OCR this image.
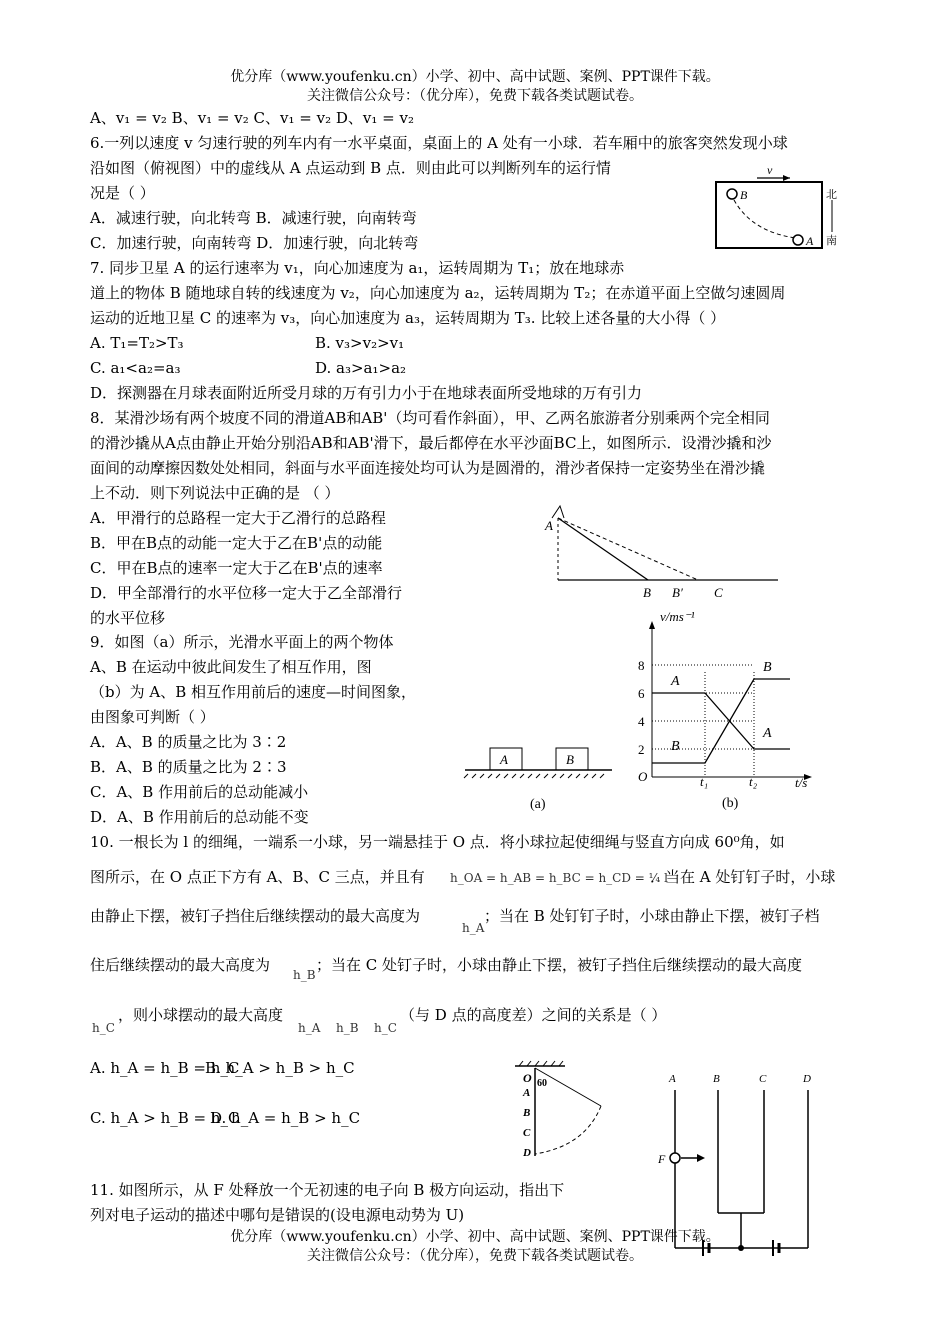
优分库（www.youfenku.cn）小学、初中、高中试题、案例、PPT课件下载。
关注微信公众号：（优分库），免费下载各类试题试卷。
A、v₁ = v₂ B、v₁ = v₂ C、v₁ = v₂ D、v₁ = v₂
6.一列以速度 v 匀速行驶的列车内有一水平桌面，桌面上的 A 处有一小球．若车厢中的旅客突然发现小球
沿如图（俯视图）中的虚线从 A 点运动到 B 点．则由此可以判断列车的运行情
况是（ ）
A．减速行驶，向北转弯 B．减速行驶，向南转弯
C．加速行驶，向南转弯 D．加速行驶，向北转弯
v
B
A
北
南
7. 同步卫星 A 的运行速率为 v₁，向心加速度为 a₁，运转周期为 T₁；放在地球赤
道上的物体 B 随地球自转的线速度为 v₂，向心加速度为 a₂，运转周期为 T₂；在赤道平面上空做匀速圆周
运动的近地卫星 C 的速率为 v₃，向心加速度为 a₃，运转周期为 T₃. 比较上述各量的大小得（ ）
A. T₁=T₂>T₃	B. v₃>v₂>v₁
C. a₁<a₂=a₃	D. a₃>a₁>a₂
D．探测器在月球表面附近所受月球的万有引力小于在地球表面所受地球的万有引力
8．某滑沙场有两个坡度不同的滑道AB和AB'（均可看作斜面），甲、乙两名旅游者分别乘两个完全相同
的滑沙撬从A点由静止开始分别沿AB和AB'滑下，最后都停在水平沙面BC上，如图所示．设滑沙撬和沙
面间的动摩擦因数处处相同，斜面与水平面连接处均可认为是圆滑的，滑沙者保持一定姿势坐在滑沙撬
上不动．则下列说法中正确的是 （ ）
A．甲滑行的总路程一定大于乙滑行的总路程
B．甲在B点的动能一定大于乙在B'点的动能
C．甲在B点的速率一定大于乙在B'点的速率
D．甲全部滑行的水平位移一定大于乙全部滑行
的水平位移
A
B B′ C
9．如图（a）所示，光滑水平面上的两个物体
A、B 在运动中彼此间发生了相互作用，图
（b）为 A、B 相互作用前后的速度—时间图象，
由图象可判断（ ）
A．A、B 的质量之比为 3∶2
B．A、B 的质量之比为 2∶3
C．A、B 作用前后的总动能减小
D．A、B 作用前后的总动能不变
A	B
(a)
v/ms⁻¹
O	t/s
2
4
6
8
t₁	t₂
A
B
B
A
(b)
10. 一根长为 l 的细绳，一端系一小球，另一端悬挂于 O 点．将小球拉起使细绳与竖直方向成 60⁰角，如
图所示，在 O 点正下方有 A、B、C 三点，并且有 h_OA = h_AB = h_BC = h_CD = ¼ l
．当在 A 处钉钉子时，小球
由静止下摆，被钉子挡住后继续摆动的最大高度为
h_A
；当在 B 处钉钉子时，小球由静止下摆，被钉子档
住后继续摆动的最大高度为
h_B
；当在 C 处钉子时，小球由静止下摆，被钉子挡住后继续摆动的最大高度
h_C
，则小球摆动的最大高度
h_A h_B h_C
（与 D 点的高度差）之间的关系是（ ）
A. h_A = h_B = h_C
B. h_A > h_B > h_C
C. h_A > h_B = h_C
D. h_A = h_B > h_C
O 60
A
B
C
D
11. 如图所示，从 F 处释放一个无初速的电子向 B 极方向运动，指出下
列对电子运动的描述中哪句是错误的(设电源电动势为 U)
A	B	C	D
F
优分库（www.youfenku.cn）小学、初中、高中试题、案例、PPT课件下载。
关注微信公众号：（优分库），免费下载各类试题试卷。
